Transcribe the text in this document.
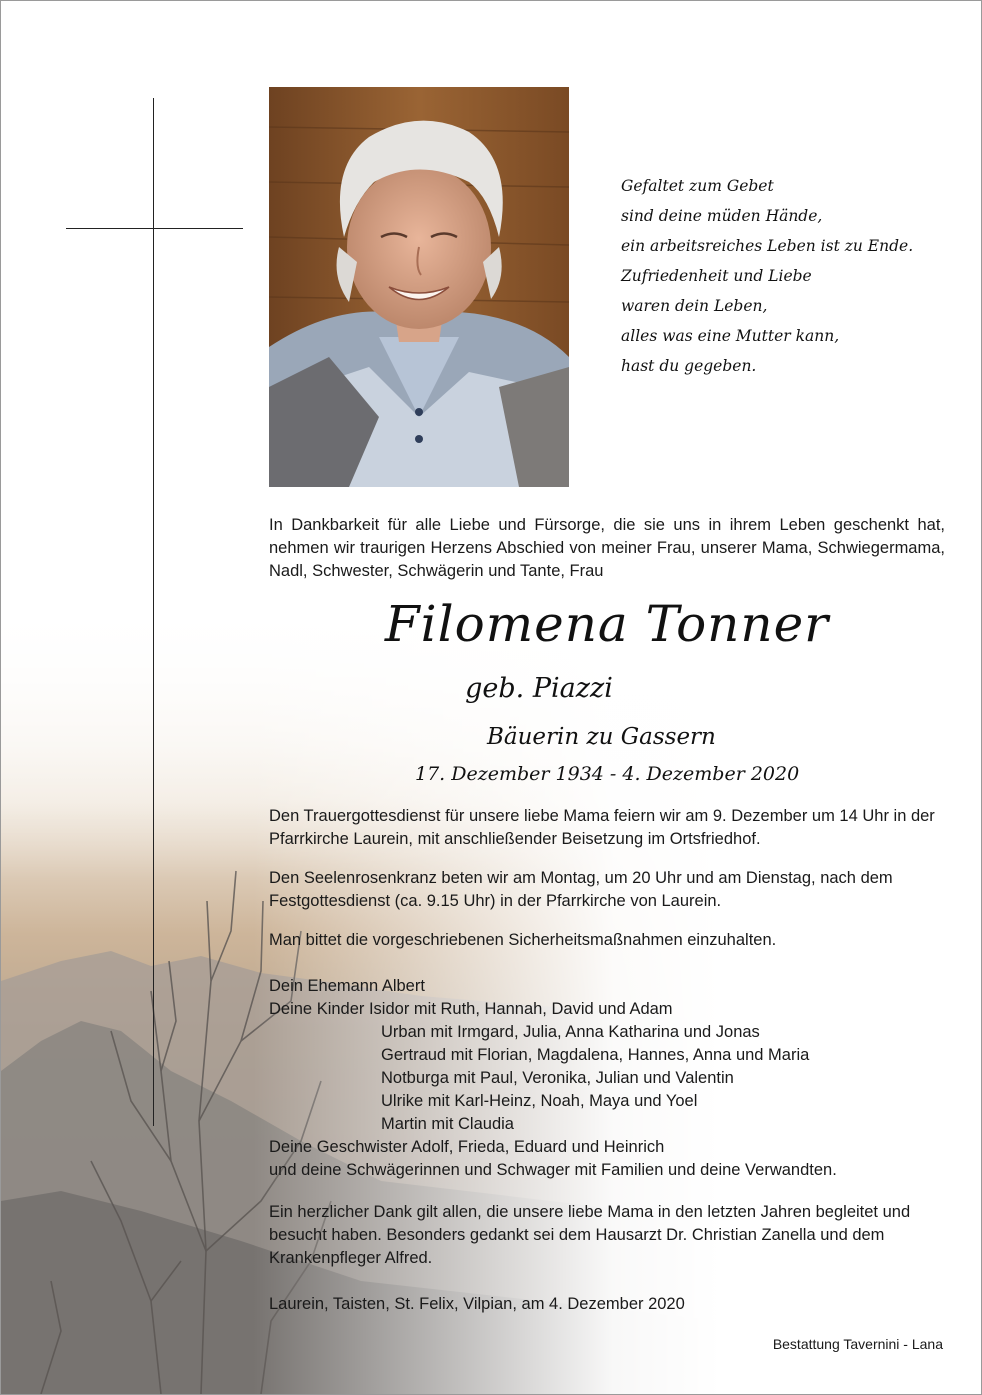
Gefaltet zum Gebet
sind deine müden Hände,
ein arbeitsreiches Leben ist zu Ende.
Zufriedenheit und Liebe
waren dein Leben,
alles was eine Mutter kann,
hast du gegeben.
In Dankbarkeit für alle Liebe und Fürsorge, die sie uns in ihrem Leben geschenkt hat, nehmen wir traurigen Herzens Abschied von meiner Frau, unserer Mama, Schwiegermama, Nadl, Schwester, Schwägerin und Tante, Frau
Filomena Tonner
geb. Piazzi
Bäuerin zu Gassern
17. Dezember 1934 - 4. Dezember 2020
Den Trauergottesdienst für unsere liebe Mama feiern wir am 9. Dezember um 14 Uhr in der Pfarrkirche Laurein, mit anschließender Beisetzung im Ortsfriedhof.
Den Seelenrosenkranz beten wir am Montag, um 20 Uhr und am Dienstag, nach dem Festgottesdienst (ca. 9.15 Uhr) in der Pfarrkirche von Laurein.
Man bittet die vorgeschriebenen Sicherheitsmaßnahmen einzuhalten.
Dein Ehemann Albert
Deine Kinder Isidor mit Ruth, Hannah, David und Adam
Urban mit Irmgard, Julia, Anna Katharina und Jonas
Gertraud mit Florian, Magdalena, Hannes, Anna und Maria
Notburga mit Paul, Veronika, Julian und Valentin
Ulrike mit Karl-Heinz, Noah, Maya und Yoel
Martin mit Claudia
Deine Geschwister Adolf, Frieda, Eduard und Heinrich
und deine Schwägerinnen und Schwager mit Familien und deine Verwandten.
Ein herzlicher Dank gilt allen, die unsere liebe Mama in den letzten Jahren begleitet und besucht haben. Besonders gedankt sei dem Hausarzt Dr. Christian Zanella und dem Krankenpfleger Alfred.
Laurein, Taisten, St. Felix, Vilpian, am 4. Dezember 2020
Bestattung Tavernini - Lana
